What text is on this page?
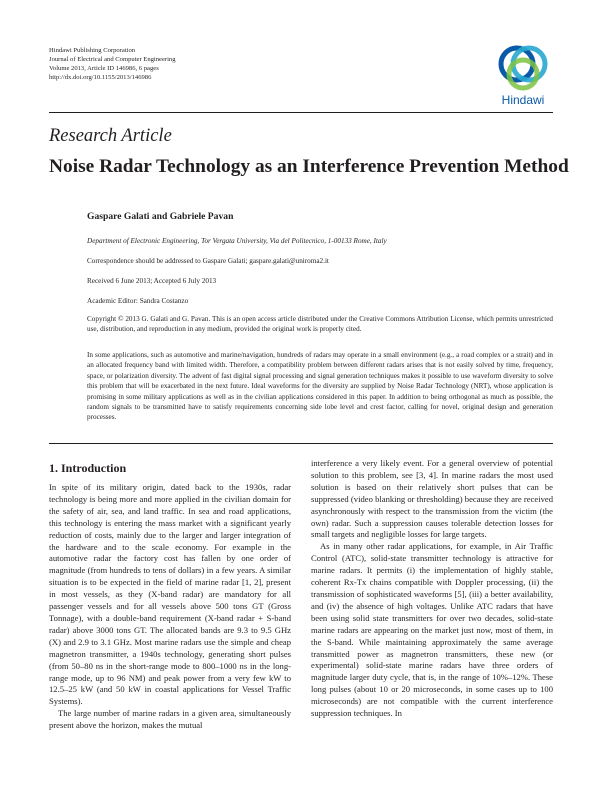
Hindawi Publishing Corporation
Journal of Electrical and Computer Engineering
Volume 2013, Article ID 146986, 6 pages
http://dx.doi.org/10.1155/2013/146986
Hindawi
Research Article
Noise Radar Technology as an Interference Prevention Method
Gaspare Galati and Gabriele Pavan
Department of Electronic Engineering, Tor Vergata University, Via del Politecnico, 1-00133 Rome, Italy
Correspondence should be addressed to Gaspare Galati; gaspare.galati@uniroma2.it
Received 6 June 2013; Accepted 6 July 2013
Academic Editor: Sandra Costanzo
Copyright © 2013 G. Galati and G. Pavan. This is an open access article distributed under the Creative Commons Attribution License, which permits unrestricted use, distribution, and reproduction in any medium, provided the original work is properly cited.
In some applications, such as automotive and marine/navigation, hundreds of radars may operate in a small environment (e.g., a road complex or a strait) and in an allocated frequency band with limited width. Therefore, a compatibility problem between different radars arises that is not easily solved by time, frequency, space, or polarization diversity. The advent of fast digital signal processing and signal generation techniques makes it possible to use waveform diversity to solve this problem that will be exacerbated in the next future. Ideal waveforms for the diversity are supplied by Noise Radar Technology (NRT), whose application is promising in some military applications as well as in the civilian applications considered in this paper. In addition to being orthogonal as much as possible, the random signals to be transmitted have to satisfy requirements concerning side lobe level and crest factor, calling for novel, original design and generation processes.
1. Introduction

In spite of its military origin, dated back to the 1930s, radar technology is being more and more applied in the civilian domain for the safety of air, sea, and land traffic. In sea and road applications, this technology is entering the mass market with a significant yearly reduction of costs, mainly due to the larger and larger integration of the hardware and to the scale economy. For example in the automotive radar the factory cost has fallen by one order of magnitude (from hundreds to tens of dollars) in a few years. A similar situation is to be expected in the field of marine radar [1, 2], present in most vessels, as they (X-band radar) are mandatory for all passenger vessels and for all vessels above 500 tons GT (Gross Tonnage), with a double-band requirement (X-band radar + S-band radar) above 3000 tons GT. The allocated bands are 9.3 to 9.5 GHz (X) and 2.9 to 3.1 GHz. Most marine radars use the simple and cheap magnetron transmitter, a 1940s technology, generating short pulses (from 50–80 ns in the short-range mode to 800–1000 ns in the long-range mode, up to 96 NM) and peak power from a very few kW to 12.5–25 kW (and 50 kW in coastal applications for Vessel Traffic Systems).

The large number of marine radars in a given area, simultaneously present above the horizon, makes the mutual

interference a very likely event. For a general overview of potential solution to this problem, see [3, 4]. In marine radars the most used solution is based on their relatively short pulses that can be suppressed (video blanking or thresholding) because they are received asynchronously with respect to the transmission from the victim (the own) radar. Such a suppression causes tolerable detection losses for small targets and negligible losses for large targets.

As in many other radar applications, for example, in Air Traffic Control (ATC), solid-state transmitter technology is attractive for marine radars. It permits (i) the implementation of highly stable, coherent Rx-Tx chains compatible with Doppler processing, (ii) the transmission of sophisticated waveforms [5], (iii) a better availability, and (iv) the absence of high voltages. Unlike ATC radars that have been using solid state transmitters for over two decades, solid-state marine radars are appearing on the market just now, most of them, in the S-band. While maintaining approximately the same average transmitted power as magnetron transmitters, these new (or experimental) solid-state marine radars have three orders of magnitude larger duty cycle, that is, in the range of 10%–12%. These long pulses (about 10 or 20 microseconds, in some cases up to 100 microseconds) are not compatible with the current interference suppression techniques. In
